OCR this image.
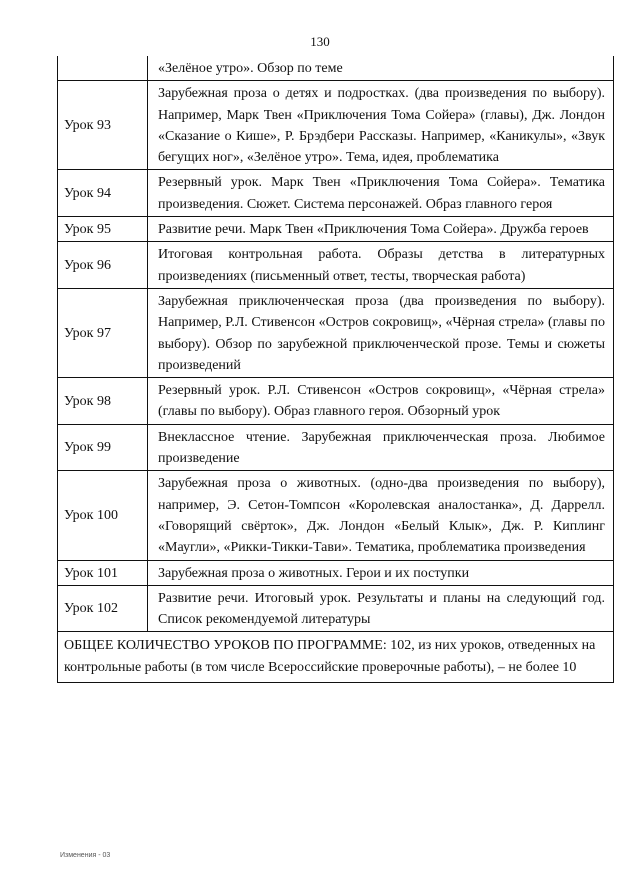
130
	«Зелёное утро». Обзор по теме
Урок 93	Зарубежная проза о детях и подростках. (два произведения по выбору). Например, Марк Твен «Приключения Тома Сойера» (главы), Дж. Лондон «Сказание о Кише», Р. Брэдбери Рассказы. Например, «Каникулы», «Звук бегущих ног», «Зелёное утро». Тема, идея, проблематика
Урок 94	Резервный урок. Марк Твен «Приключения Тома Сойера». Тематика произведения. Сюжет. Система персонажей. Образ главного героя
Урок 95	Развитие речи. Марк Твен «Приключения Тома Сойера». Дружба героев
Урок 96	Итоговая контрольная работа. Образы детства в литературных произведениях (письменный ответ, тесты, творческая работа)
Урок 97	Зарубежная приключенческая проза (два произведения по выбору). Например, Р.Л. Стивенсон «Остров сокровищ», «Чёрная стрела» (главы по выбору). Обзор по зарубежной приключенческой прозе. Темы и сюжеты произведений
Урок 98	Резервный урок. Р.Л. Стивенсон «Остров сокровищ», «Чёрная стрела» (главы по выбору). Образ главного героя. Обзорный урок
Урок 99	Внеклассное чтение. Зарубежная приключенческая проза. Любимое произведение
Урок 100	Зарубежная проза о животных. (одно-два произведения по выбору), например, Э. Сетон-Томпсон «Королевская аналостанка», Д. Даррелл. «Говорящий свёрток», Дж. Лондон «Белый Клык», Дж. Р. Киплинг «Маугли», «Рикки-Тикки-Тави». Тематика, проблематика произведения
Урок 101	Зарубежная проза о животных. Герои и их поступки
Урок 102	Развитие речи. Итоговый урок. Результаты и планы на следующий год. Список рекомендуемой литературы
ОБЩЕЕ КОЛИЧЕСТВО УРОКОВ ПО ПРОГРАММЕ: 102, из них уроков, отведенных на контрольные работы (в том числе Всероссийские проверочные работы), – не более 10	
Изменения - 03
